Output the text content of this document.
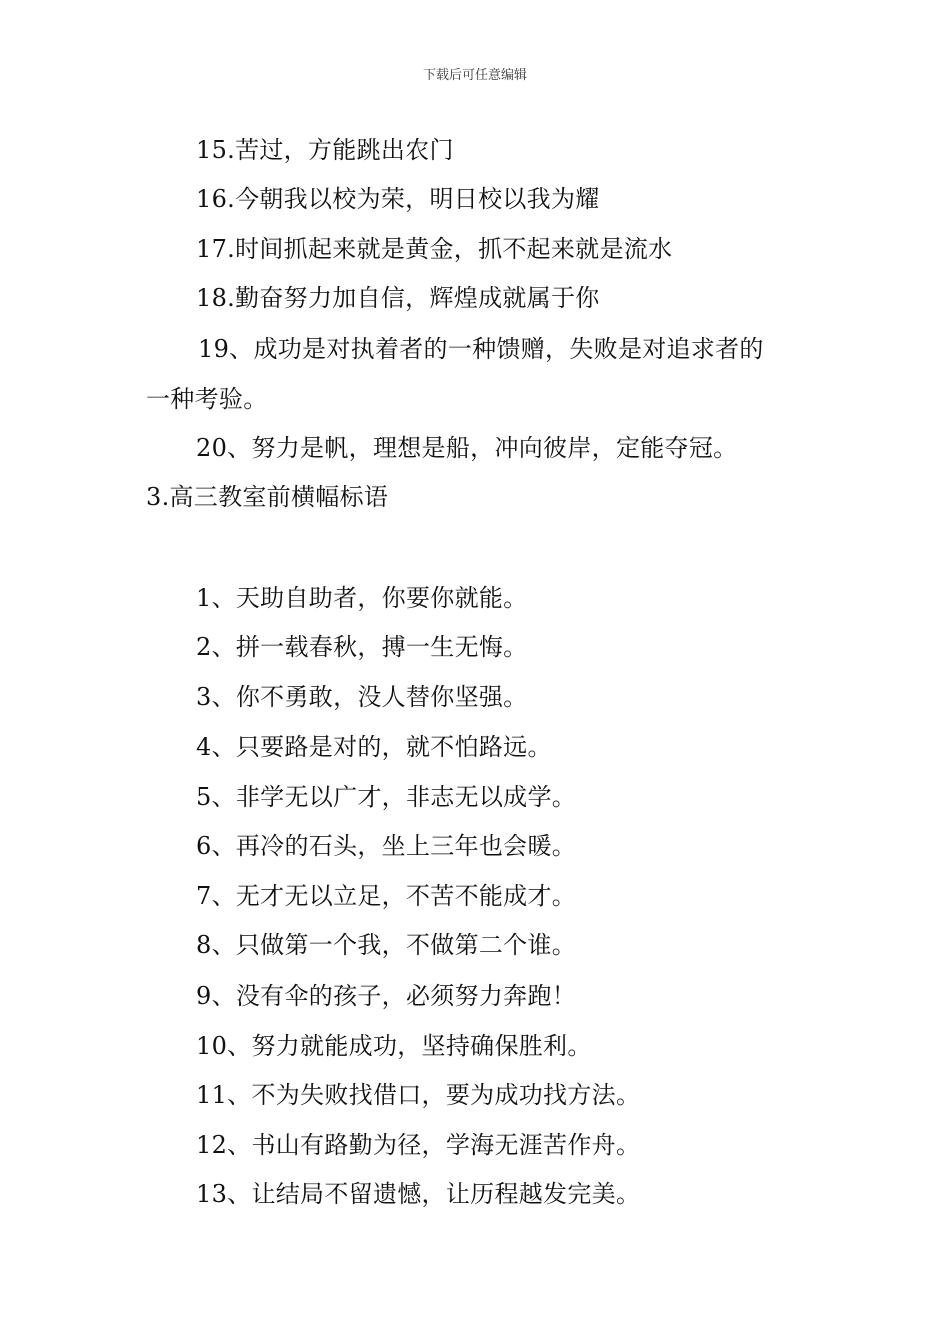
下载后可任意编辑
15.苦过，方能跳出农门
16.今朝我以校为荣，明日校以我为耀
17.时间抓起来就是黄金，抓不起来就是流水
18.勤奋努力加自信，辉煌成就属于你
19、成功是对执着者的一种馈赠，失败是对追求者的
一种考验。
20、努力是帆，理想是船，冲向彼岸，定能夺冠。
3.高三教室前横幅标语
1、天助自助者，你要你就能。
2、拼一载春秋，搏一生无悔。
3、你不勇敢，没人替你坚强。
4、只要路是对的，就不怕路远。
5、非学无以广才，非志无以成学。
6、再冷的石头，坐上三年也会暖。
7、无才无以立足，不苦不能成才。
8、只做第一个我，不做第二个谁。
9、没有伞的孩子，必须努力奔跑！
10、努力就能成功，坚持确保胜利。
11、不为失败找借口，要为成功找方法。
12、书山有路勤为径，学海无涯苦作舟。
13、让结局不留遗憾，让历程越发完美。
